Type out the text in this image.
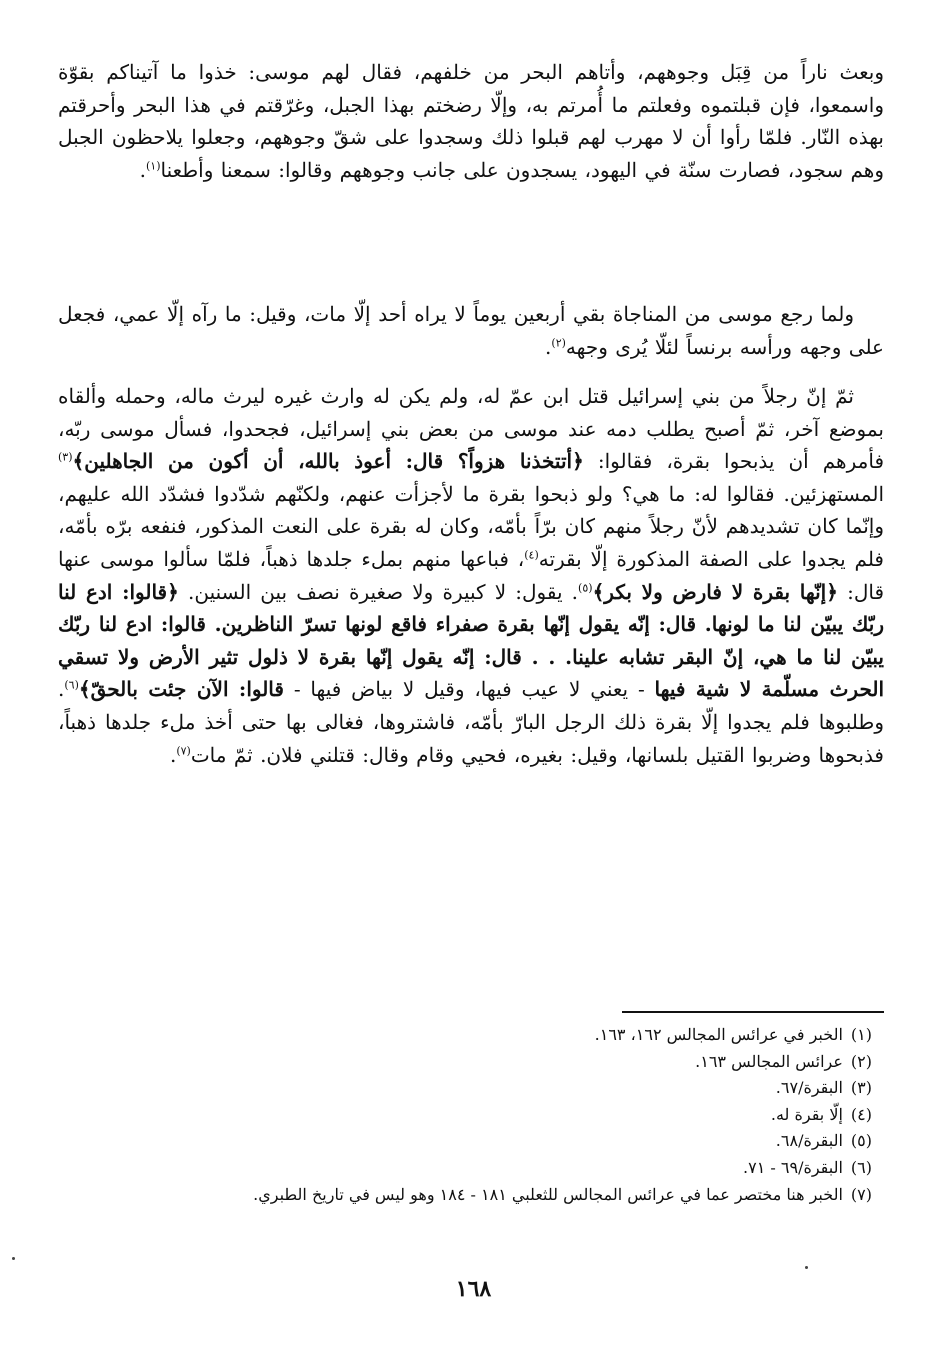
وبعث ناراً من قِبَل وجوههم، وأتاهم البحر من خلفهم، فقال لهم موسى: خذوا ما آتيناكم بقوّة واسمعوا، فإن قبلتموه وفعلتم ما أُمرتم به، وإلّا رضختم بهذا الجبل، وغرّقتم في هذا البحر وأحرقتم بهذه النّار. فلمّا رأوا أن لا مهرب لهم قبلوا ذلك وسجدوا على شقّ وجوههم، وجعلوا يلاحظون الجبل وهم سجود، فصارت سنّة في اليهود، يسجدون على جانب وجوههم وقالوا: سمعنا وأطعنا$^{(١)}$.

ولما رجع موسى من المناجاة بقي أربعين يوماً لا يراه أحد إلّا مات، وقيل: ما رآه إلّا عمي، فجعل على وجهه ورأسه برنساً لئلّا يُرى وجهه$^{(٢)}$.

ثمّ إنّ رجلاً من بني إسرائيل قتل ابن عمّ له، ولم يكن له وارث غيره ليرث ماله، وحمله وألقاه بموضع آخر، ثمّ أصبح يطلب دمه عند موسى من بعض بني إسرائيل، فجحدوا، فسأل موسى ربّه، فأمرهم أن يذبحوا بقرة، فقالوا: ﴿أتتخذنا هزواً؟ قال: أعوذ بالله، أن أكون من الجاهلين﴾$^{(٣)}$ المستهزئين. فقالوا له: ما هي؟ ولو ذبحوا بقرة ما لأجزأت عنهم، ولكنّهم شدّدوا فشدّد الله عليهم، وإنّما كان تشديدهم لأنّ رجلاً منهم كان برّاً بأمّه، وكان له بقرة على النعت المذكور، فنفعه برّه بأمّه، فلم يجدوا على الصفة المذكورة إلّا بقرته$^{(٤)}$، فباعها منهم بملء جلدها ذهباً، فلمّا سألوا موسى عنها قال: ﴿إنّها بقرة لا فارض ولا بكر﴾$^{(٥)}$. يقول: لا كبيرة ولا صغيرة نصف بين السنين. ﴿قالوا: ادع لنا ربّك يبيّن لنا ما لونها. قال: إنّه يقول إنّها بقرة صفراء فاقع لونها تسرّ الناظرين. قالوا: ادع لنا ربّك يبيّن لنا ما هي، إنّ البقر تشابه علينا. . . قال: إنّه يقول إنّها بقرة لا ذلول تثير الأرض ولا تسقي الحرث مسلّمة لا شية فيها - يعني لا عيب فيها، وقيل لا بياض فيها - قالوا: الآن جئت بالحقّ﴾$^{(٦)}$. وطلبوها فلم يجدوا إلّا بقرة ذلك الرجل البارّ بأمّه، فاشتروها، فغالى بها حتى أخذ ملء جلدها ذهباً، فذبحوها وضربوا القتيل بلسانها، وقيل: بغيره، فحيي وقام وقال: قتلني فلان. ثمّ مات$^{(٧)}$.

(١)الخبر في عرائس المجالس ١٦٢، ١٦٣.
(٢)عرائس المجالس ١٦٣.
(٣)البقرة/٦٧.
(٤)إلّا بقرة له.
(٥)البقرة/٦٨.
(٦)البقرة/٦٩ - ٧١.
(٧)الخبر هنا مختصر عما في عرائس المجالس للثعلبي ١٨١ - ١٨٤ وهو ليس في تاريخ الطبري.
١٦٨
